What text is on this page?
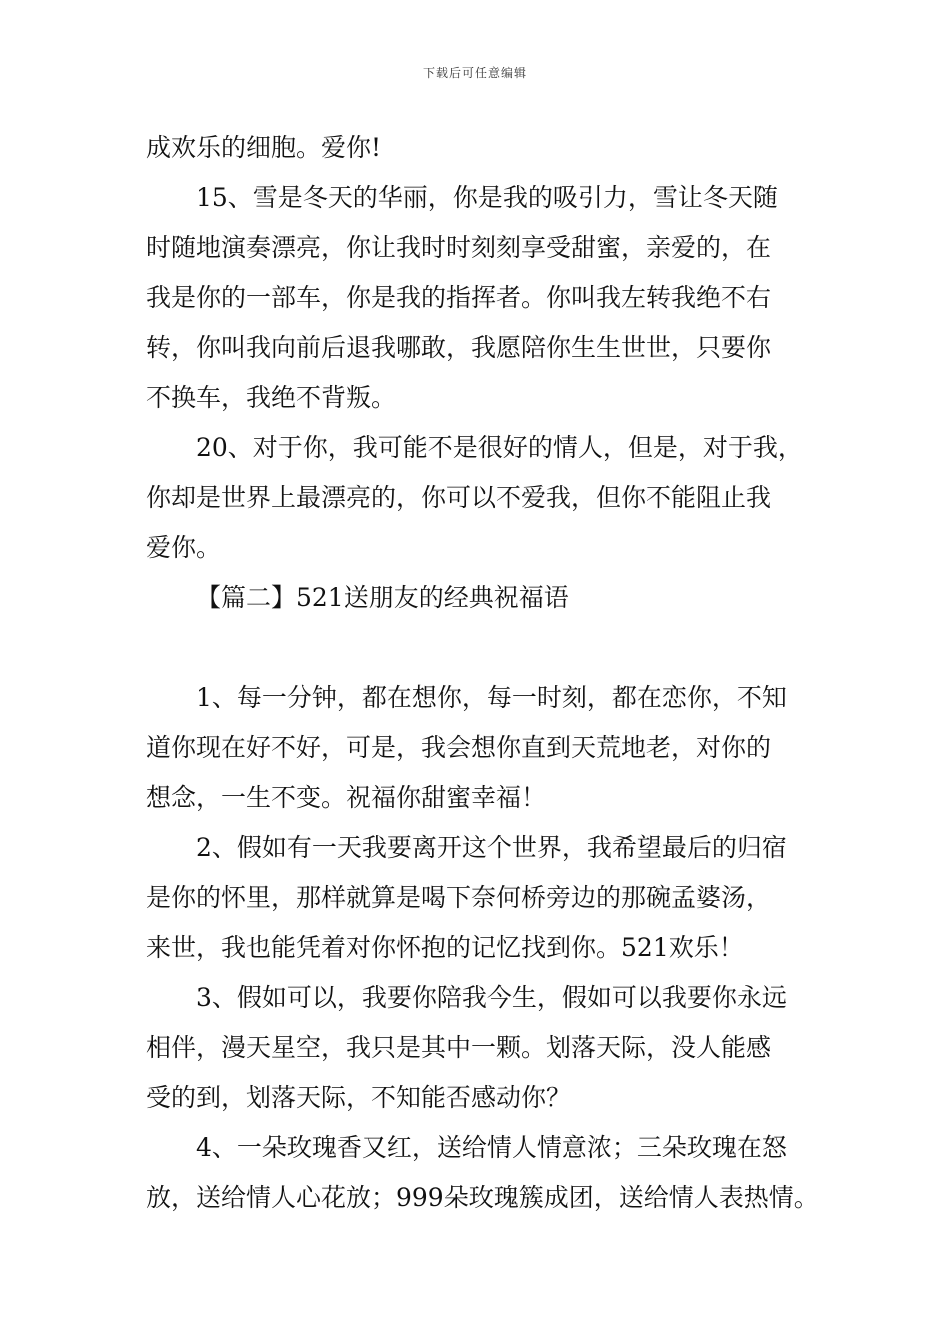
下载后可任意编辑
成欢乐的细胞。爱你!
15、雪是冬天的华丽，你是我的吸引力，雪让冬天随
时随地演奏漂亮，你让我时时刻刻享受甜蜜，亲爱的，在
我是你的一部车，你是我的指挥者。你叫我左转我绝不右
转，你叫我向前后退我哪敢，我愿陪你生生世世，只要你
不换车，我绝不背叛。
20、对于你，我可能不是很好的情人，但是，对于我，
你却是世界上最漂亮的，你可以不爱我，但你不能阻止我
爱你。
【篇二】521送朋友的经典祝福语
1、每一分钟，都在想你，每一时刻，都在恋你，不知
道你现在好不好，可是，我会想你直到天荒地老，对你的
想念，一生不变。祝福你甜蜜幸福！
2、假如有一天我要离开这个世界，我希望最后的归宿
是你的怀里，那样就算是喝下奈何桥旁边的那碗孟婆汤，
来世，我也能凭着对你怀抱的记忆找到你。521欢乐！
3、假如可以，我要你陪我今生，假如可以我要你永远
相伴，漫天星空，我只是其中一颗。划落天际，没人能感
受的到，划落天际，不知能否感动你？
4、一朵玫瑰香又红，送给情人情意浓；三朵玫瑰在怒
放，送给情人心花放；999朵玫瑰簇成团，送给情人表热情。
